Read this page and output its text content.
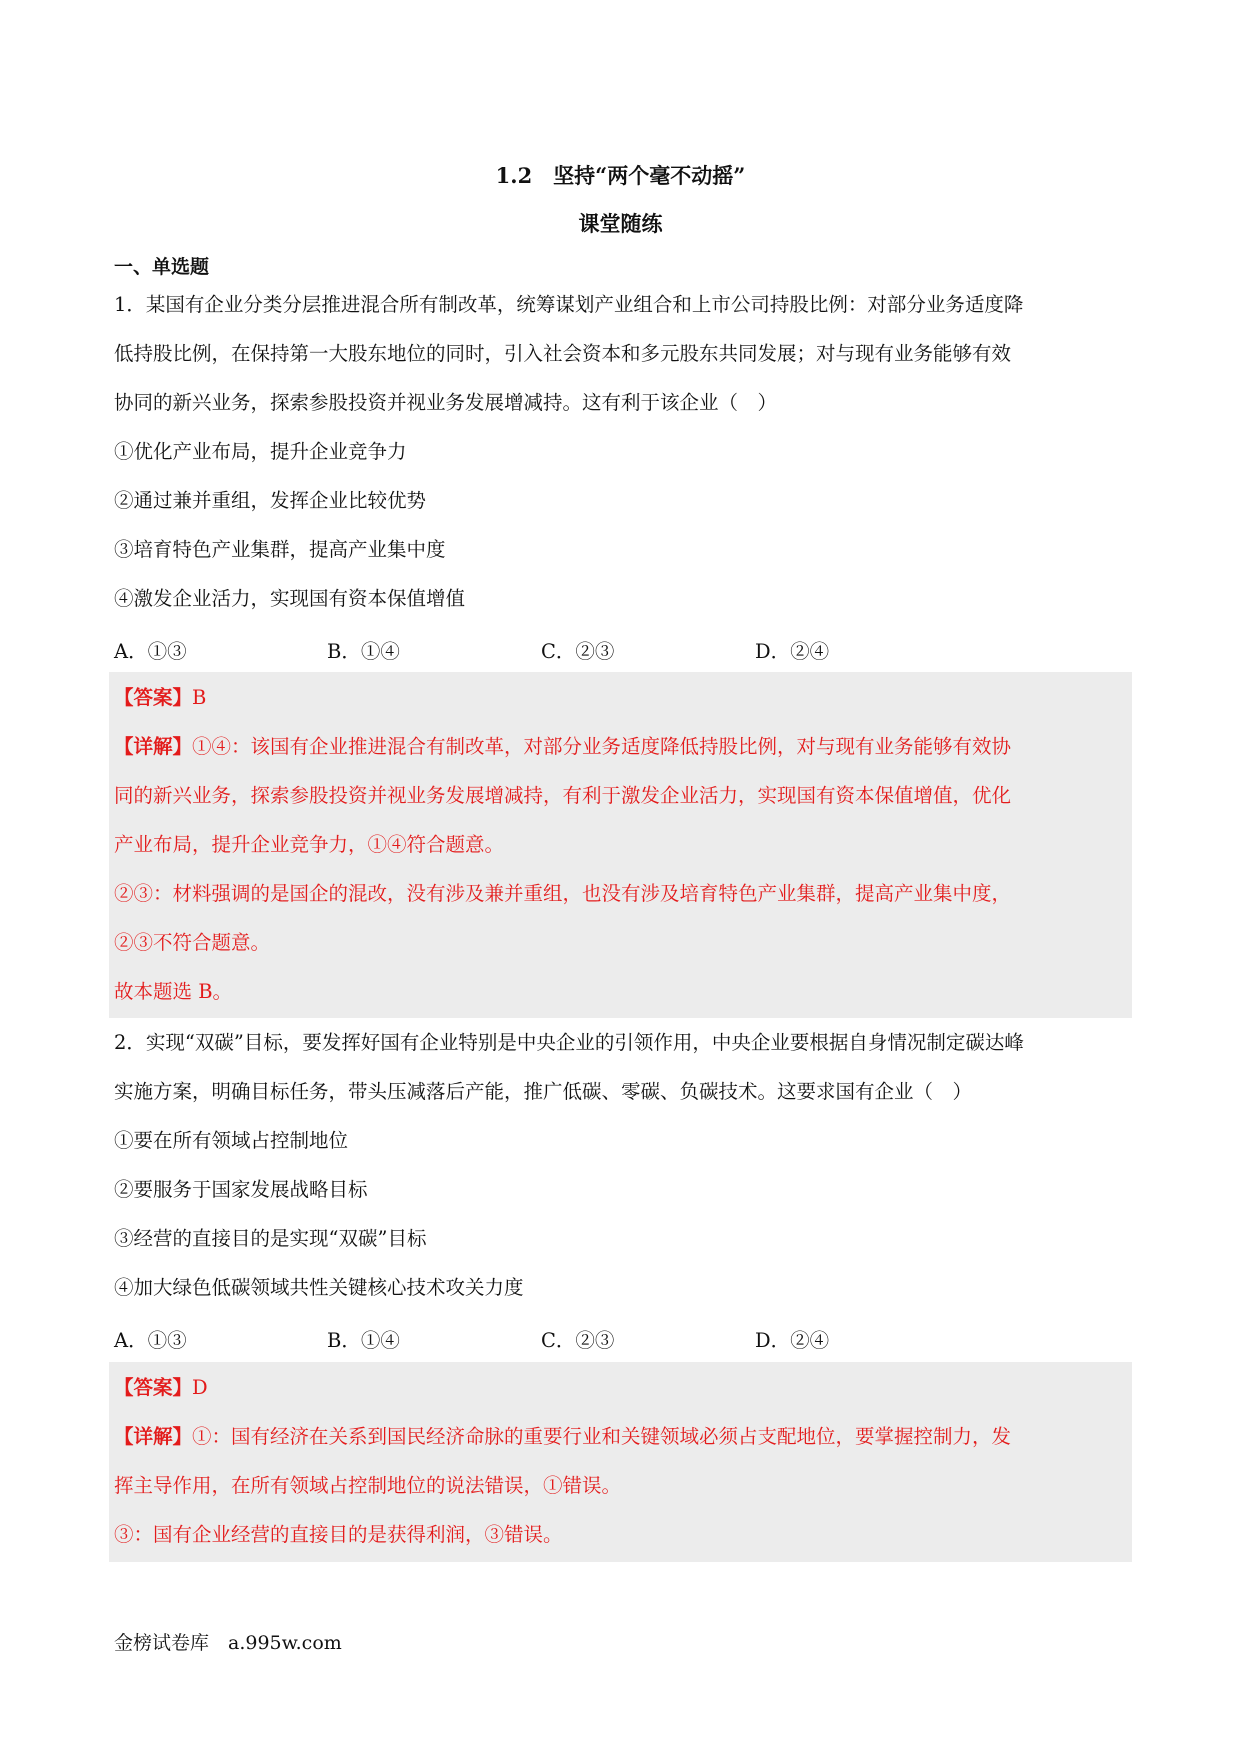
1.2　坚持“两个毫不动摇”
课堂随练
一、单选题
1．某国有企业分类分层推进混合所有制改革，统筹谋划产业组合和上市公司持股比例：对部分业务适度降
低持股比例，在保持第一大股东地位的同时，引入社会资本和多元股东共同发展；对与现有业务能够有效
协同的新兴业务，探索参股投资并视业务发展增减持。这有利于该企业（　）
①优化产业布局，提升企业竞争力
②通过兼并重组，发挥企业比较优势
③培育特色产业集群，提高产业集中度
④激发企业活力，实现国有资本保值增值
A．①③	B．①④	C．②③	D．②④
【答案】B
【详解】①④：该国有企业推进混合有制改革，对部分业务适度降低持股比例，对与现有业务能够有效协
同的新兴业务，探索参股投资并视业务发展增减持，有利于激发企业活力，实现国有资本保值增值，优化
产业布局，提升企业竞争力，①④符合题意。
②③：材料强调的是国企的混改，没有涉及兼并重组，也没有涉及培育特色产业集群，提高产业集中度，
②③不符合题意。
故本题选 B。
2．实现“双碳”目标，要发挥好国有企业特别是中央企业的引领作用，中央企业要根据自身情况制定碳达峰
实施方案，明确目标任务，带头压减落后产能，推广低碳、零碳、负碳技术。这要求国有企业（　）
①要在所有领域占控制地位
②要服务于国家发展战略目标
③经营的直接目的是实现“双碳”目标
④加大绿色低碳领域共性关键核心技术攻关力度
A．①③	B．①④	C．②③	D．②④
【答案】D
【详解】①：国有经济在关系到国民经济命脉的重要行业和关键领域必须占支配地位，要掌握控制力，发
挥主导作用，在所有领域占控制地位的说法错误，①错误。
③：国有企业经营的直接目的是获得利润，③错误。
金榜试卷库　a.995w.com
